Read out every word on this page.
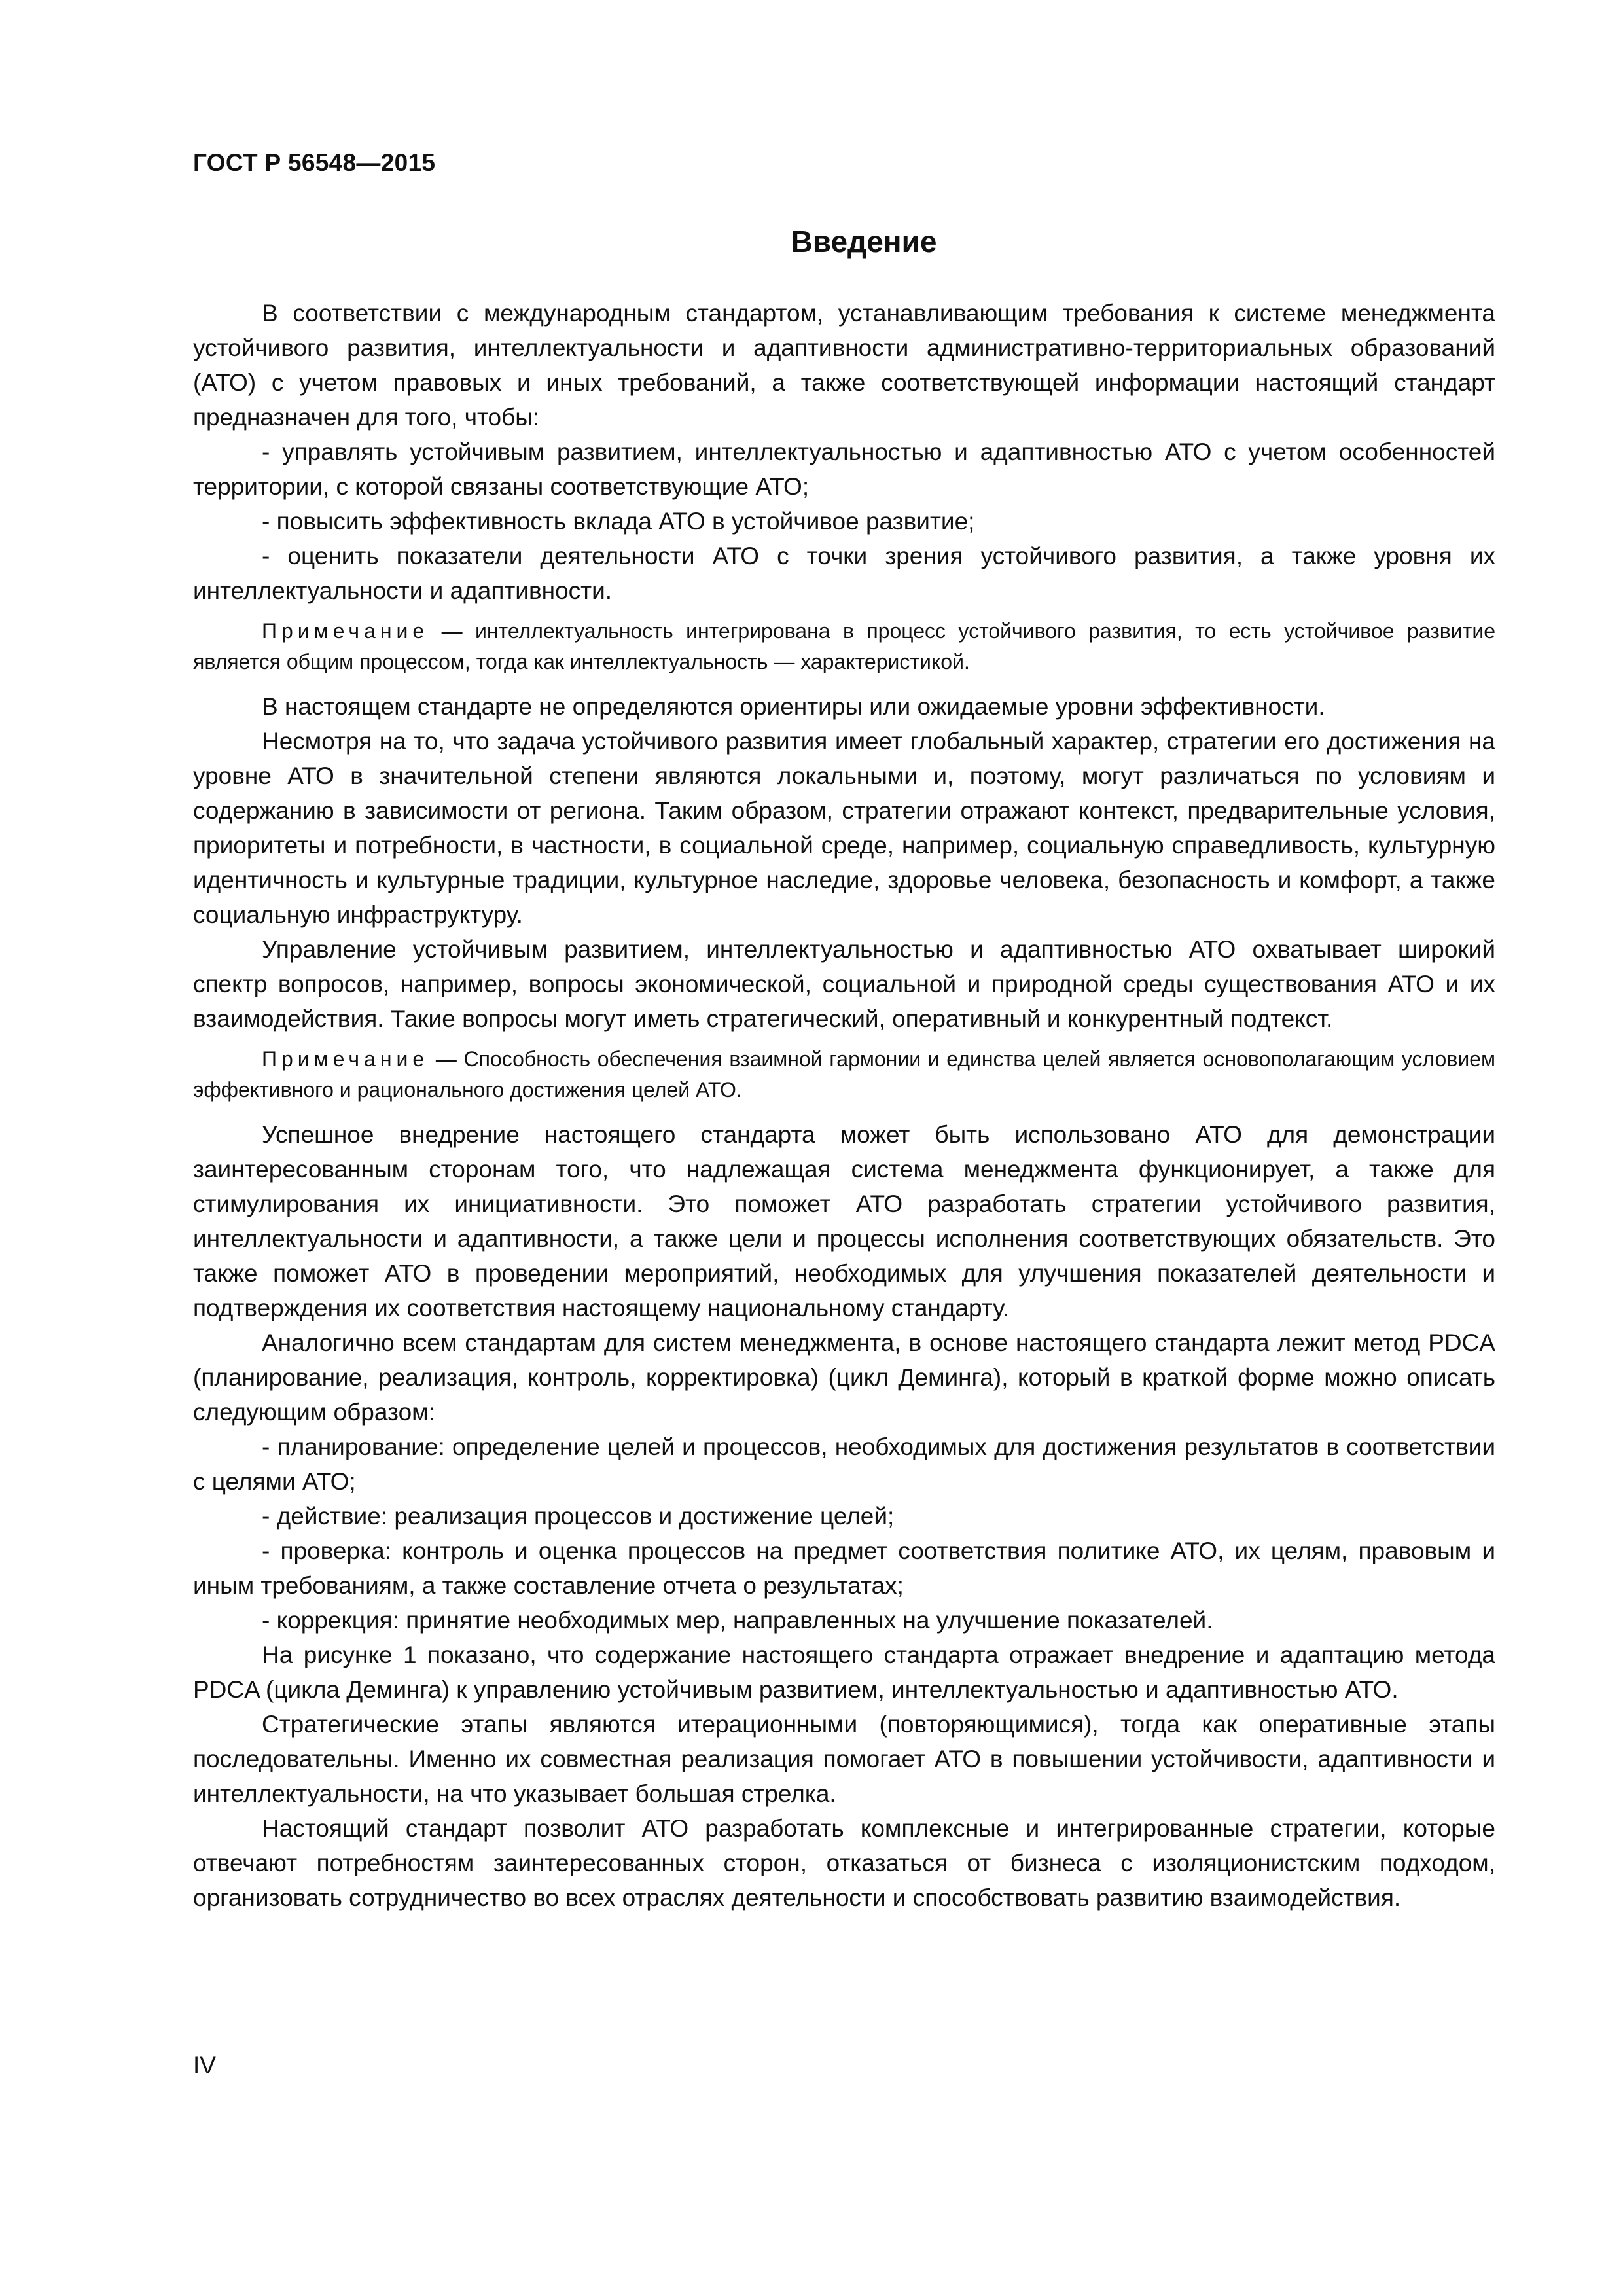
ГОСТ Р 56548—2015
Введение

В соответствии с международным стандартом, устанавливающим требования к системе менеджмента устойчивого развития, интеллектуальности и адаптивности административно-территориальных образований (АТО) с учетом правовых и иных требований, а также соответствующей информации настоящий стандарт предназначен для того, чтобы:

- управлять устойчивым развитием, интеллектуальностью и адаптивностью АТО с учетом особенностей территории, с которой связаны соответствующие АТО;

- повысить эффективность вклада АТО в устойчивое развитие;

- оценить показатели деятельности АТО с точки зрения устойчивого развития, а также уровня их интеллектуальности и адаптивности.

Примечание — интеллектуальность интегрирована в процесс устойчивого развития, то есть устойчивое развитие является общим процессом, тогда как интеллектуальность — характеристикой.

В настоящем стандарте не определяются ориентиры или ожидаемые уровни эффективности.

Несмотря на то, что задача устойчивого развития имеет глобальный характер, стратегии его достижения на уровне АТО в значительной степени являются локальными и, поэтому, могут различаться по условиям и содержанию в зависимости от региона. Таким образом, стратегии отражают контекст, предварительные условия, приоритеты и потребности, в частности, в социальной среде, например, социальную справедливость, культурную идентичность и культурные традиции, культурное наследие, здоровье человека, безопасность и комфорт, а также социальную инфраструктуру.

Управление устойчивым развитием, интеллектуальностью и адаптивностью АТО охватывает широкий спектр вопросов, например, вопросы экономической, социальной и природной среды существования АТО и их взаимодействия. Такие вопросы могут иметь стратегический, оперативный и конкурентный подтекст.

Примечание — Способность обеспечения взаимной гармонии и единства целей является основополагающим условием эффективного и рационального достижения целей АТО.

Успешное внедрение настоящего стандарта может быть использовано АТО для демонстрации заинтересованным сторонам того, что надлежащая система менеджмента функционирует, а также для стимулирования их инициативности. Это поможет АТО разработать стратегии устойчивого развития, интеллектуальности и адаптивности, а также цели и процессы исполнения соответствующих обязательств. Это также поможет АТО в проведении мероприятий, необходимых для улучшения показателей деятельности и подтверждения их соответствия настоящему национальному стандарту.

Аналогично всем стандартам для систем менеджмента, в основе настоящего стандарта лежит метод PDCA (планирование, реализация, контроль, корректировка) (цикл Деминга), который в краткой форме можно описать следующим образом:

- планирование: определение целей и процессов, необходимых для достижения результатов в соответствии с целями АТО;

- действие: реализация процессов и достижение целей;

- проверка: контроль и оценка процессов на предмет соответствия политике АТО, их целям, правовым и иным требованиям, а также составление отчета о результатах;

- коррекция: принятие необходимых мер, направленных на улучшение показателей.

На рисунке 1 показано, что содержание настоящего стандарта отражает внедрение и адаптацию метода PDCA (цикла Деминга) к управлению устойчивым развитием, интеллектуальностью и адаптивностью АТО.

Стратегические этапы являются итерационными (повторяющимися), тогда как оперативные этапы последовательны. Именно их совместная реализация помогает АТО в повышении устойчивости, адаптивности и интеллектуальности, на что указывает большая стрелка.

Настоящий стандарт позволит АТО разработать комплексные и интегрированные стратегии, которые отвечают потребностям заинтересованных сторон, отказаться от бизнеса с изоляционистским подходом, организовать сотрудничество во всех отраслях деятельности и способствовать развитию взаимодействия.

IV
